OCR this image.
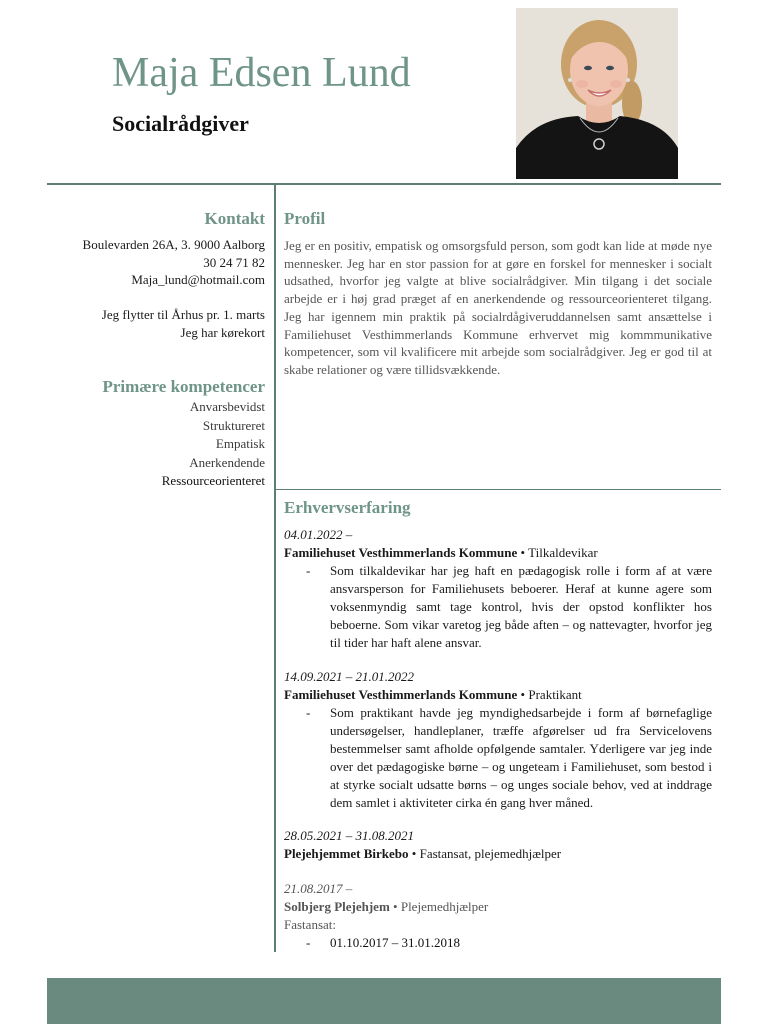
Maja Edsen Lund
Socialrådgiver
Kontakt
Boulevarden 26A, 3. 9000 Aalborg
30 24 71 82
Maja_lund@hotmail.com
Jeg flytter til Århus pr. 1. marts
Jeg har kørekort
Primære kompetencer
Anvarsbevidst
Struktureret
Empatisk
Anerkendende
Ressourceorienteret
Profil
Jeg er en positiv, empatisk og omsorgsfuld person, som godt kan lide at møde nye mennesker. Jeg har en stor passion for at gøre en forskel for mennesker i socialt udsathed, hvorfor jeg valgte at blive socialrådgiver. Min tilgang i det sociale arbejde er i høj grad præget af en anerkendende og ressourceorienteret tilgang. Jeg har igennem min praktik på socialrdågiveruddannelsen samt ansættelse i Familiehuset Vesthimmerlands Kommune erhvervet mig kommmunikative kompetencer, som vil kvalificere mit arbejde som socialrådgiver. Jeg er god til at skabe relationer og være tillidsvækkende.
Erhvervserfaring
04.01.2022 –
Familiehuset Vesthimmerlands Kommune • Tilkaldevikar
- Som tilkaldevikar har jeg haft en pædagogisk rolle i form af at være ansvarsperson for Familiehusets beboerer. Heraf at kunne agere som voksenmyndig samt tage kontrol, hvis der opstod konflikter hos beboerne. Som vikar varetog jeg både aften – og nattevagter, hvorfor jeg til tider har haft alene ansvar.
14.09.2021 – 21.01.2022
Familiehuset Vesthimmerlands Kommune • Praktikant
- Som praktikant havde jeg myndighedsarbejde i form af børnefaglige undersøgelser, handleplaner, træffe afgørelser ud fra Servicelovens bestemmelser samt afholde opfølgende samtaler. Yderligere var jeg inde over det pædagogiske børne – og ungeteam i Familiehuset, som bestod i at styrke socialt udsatte børns – og unges sociale behov, ved at inddrage dem samlet i aktiviteter cirka én gang hver måned.
28.05.2021 – 31.08.2021
Plejehjemmet Birkebo • Fastansat, plejemedhjælper
21.08.2017 –
Solbjerg Plejehjem • Plejemedhjælper
Fastansat:
- 01.10.2017 – 31.01.2018
